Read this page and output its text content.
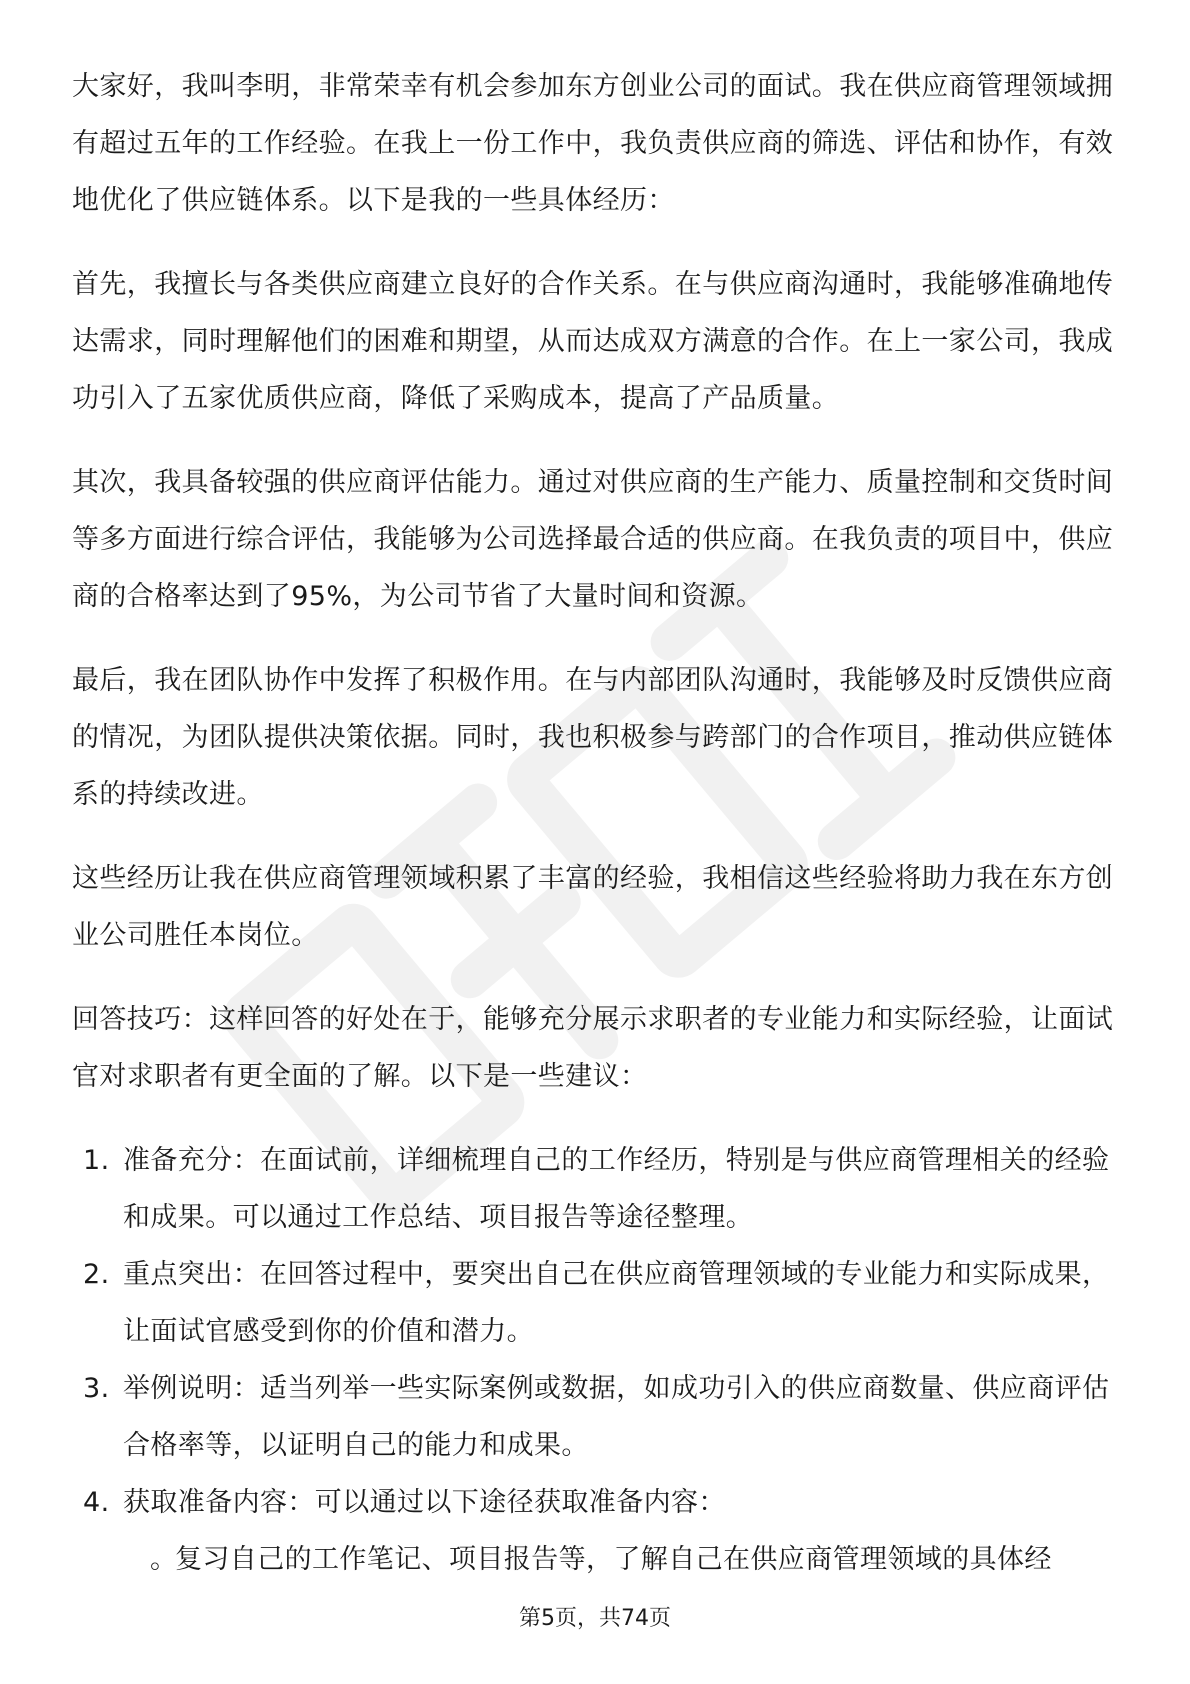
大家好，我叫李明，非常荣幸有机会参加东方创业公司的面试。我在供应商管理领域拥有超过五年的工作经验。在我上一份工作中，我负责供应商的筛选、评估和协作，有效地优化了供应链体系。以下是我的一些具体经历：

首先，我擅长与各类供应商建立良好的合作关系。在与供应商沟通时，我能够准确地传达需求，同时理解他们的困难和期望，从而达成双方满意的合作。在上一家公司，我成功引入了五家优质供应商，降低了采购成本，提高了产品质量。

其次，我具备较强的供应商评估能力。通过对供应商的生产能力、质量控制和交货时间等多方面进行综合评估，我能够为公司选择最合适的供应商。在我负责的项目中，供应商的合格率达到了95%，为公司节省了大量时间和资源。

最后，我在团队协作中发挥了积极作用。在与内部团队沟通时，我能够及时反馈供应商的情况，为团队提供决策依据。同时，我也积极参与跨部门的合作项目，推动供应链体系的持续改进。

这些经历让我在供应商管理领域积累了丰富的经验，我相信这些经验将助力我在东方创业公司胜任本岗位。

回答技巧：这样回答的好处在于，能够充分展示求职者的专业能力和实际经验，让面试官对求职者有更全面的了解。以下是一些建议：

1. 准备充分：在面试前，详细梳理自己的工作经历，特别是与供应商管理相关的经验和成果。可以通过工作总结、项目报告等途径整理。
2. 重点突出：在回答过程中，要突出自己在供应商管理领域的专业能力和实际成果，让面试官感受到你的价值和潜力。
3. 举例说明：适当列举一些实际案例或数据，如成功引入的供应商数量、供应商评估合格率等，以证明自己的能力和成果。
4. 获取准备内容：可以通过以下途径获取准备内容：
。
复习自己的工作笔记、项目报告等，了解自己在供应商管理领域的具体经
第5页，共74页
